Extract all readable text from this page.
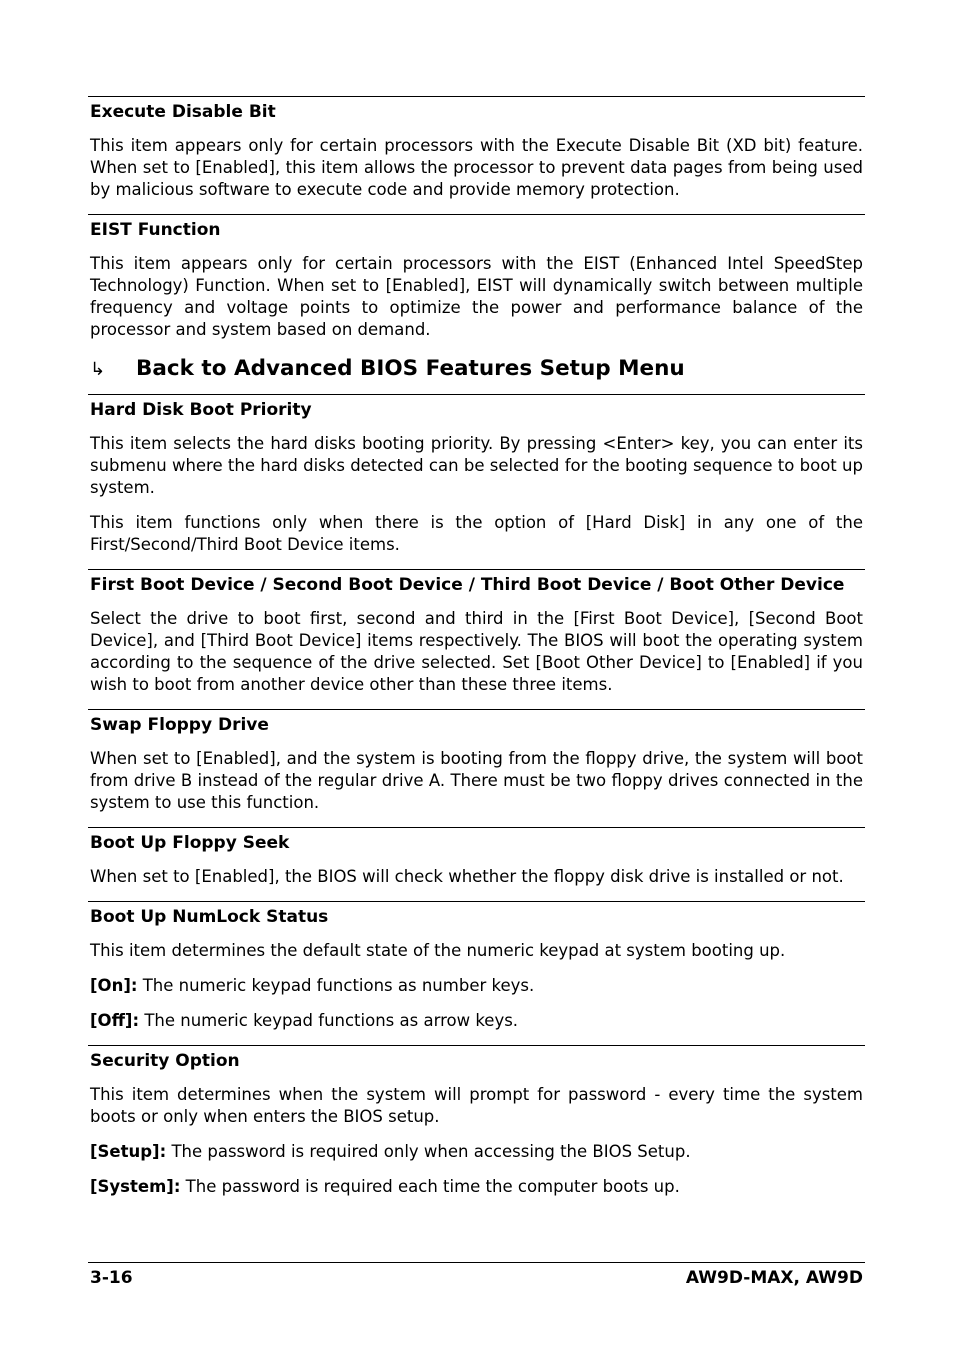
Execute Disable Bit
This item appears only for certain processors with the Execute Disable Bit (XD bit) feature. When set to [Enabled], this item allows the processor to prevent data pages from being used by malicious software to execute code and provide memory protection.
EIST Function
This item appears only for certain processors with the EIST (Enhanced Intel SpeedStep Technology) Function. When set to [Enabled], EIST will dynamically switch between multiple frequency and voltage points to optimize the power and performance balance of the processor and system based on demand.
↳	Back to Advanced BIOS Features Setup Menu
Hard Disk Boot Priority
This item selects the hard disks booting priority. By pressing <Enter> key, you can enter its submenu where the hard disks detected can be selected for the booting sequence to boot up system.
This item functions only when there is the option of [Hard Disk] in any one of the First/Second/Third Boot Device items.
First Boot Device / Second Boot Device / Third Boot Device / Boot Other Device
Select the drive to boot first, second and third in the [First Boot Device], [Second Boot Device], and [Third Boot Device] items respectively. The BIOS will boot the operating system according to the sequence of the drive selected. Set [Boot Other Device] to [Enabled] if you wish to boot from another device other than these three items.
Swap Floppy Drive
When set to [Enabled], and the system is booting from the floppy drive, the system will boot from drive B instead of the regular drive A. There must be two floppy drives connected in the system to use this function.
Boot Up Floppy Seek
When set to [Enabled], the BIOS will check whether the floppy disk drive is installed or not.
Boot Up NumLock Status
This item determines the default state of the numeric keypad at system booting up.
[On]: The numeric keypad functions as number keys.
[Off]: The numeric keypad functions as arrow keys.
Security Option
This item determines when the system will prompt for password - every time the system boots or only when enters the BIOS setup.
[Setup]: The password is required only when accessing the BIOS Setup.
[System]: The password is required each time the computer boots up.
3-16	AW9D-MAX, AW9D
